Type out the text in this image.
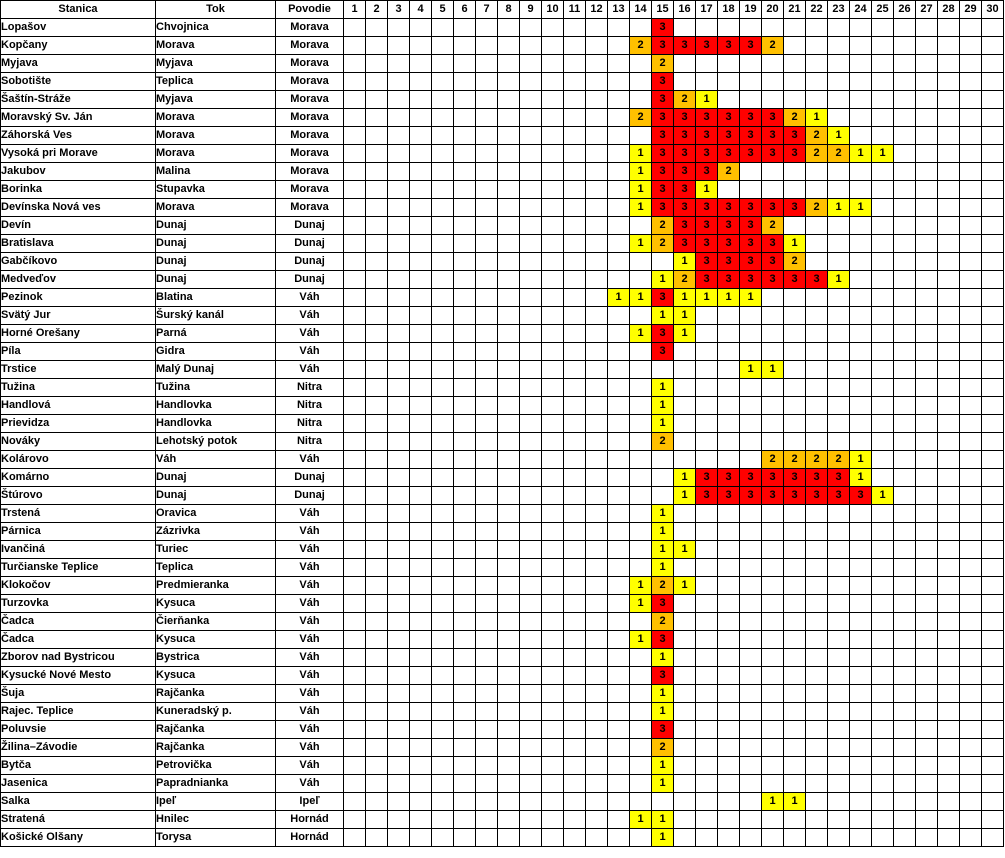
Stanica	Tok	Povodie	1	2	3	4	5	6	7	8	9	10	11	12	13	14	15	16	17	18	19	20	21	22	23	24	25	26	27	28	29	30
Lopašov	Chvojnica	Morava															3															
Kopčany	Morava	Morava														2	3	3	3	3	3	2										
Myjava	Myjava	Morava															2															
Sobotište	Teplica	Morava															3															
Šaštín-Stráže	Myjava	Morava															3	2	1													
Moravský Sv. Ján	Morava	Morava														2	3	3	3	3	3	3	2	1								
Záhorská Ves	Morava	Morava															3	3	3	3	3	3	3	2	1							
Vysoká pri Morave	Morava	Morava														1	3	3	3	3	3	3	3	2	2	1	1					
Jakubov	Malina	Morava														1	3	3	3	2												
Borinka	Stupavka	Morava														1	3	3	1													
Devínska Nová ves	Morava	Morava														1	3	3	3	3	3	3	3	2	1	1						
Devín	Dunaj	Dunaj															2	3	3	3	3	2										
Bratislava	Dunaj	Dunaj														1	2	3	3	3	3	3	1									
Gabčíkovo	Dunaj	Dunaj																1	3	3	3	3	2									
Medveďov	Dunaj	Dunaj															1	2	3	3	3	3	3	3	1							
Pezinok	Blatina	Váh													1	1	3	1	1	1	1											
Svätý Jur	Šurský kanál	Váh															1	1														
Horné Orešany	Parná	Váh														1	3	1														
Píla	Gidra	Váh															3															
Trstice	Malý Dunaj	Váh																			1	1										
Tužina	Tužina	Nitra															1															
Handlová	Handlovka	Nitra															1															
Prievidza	Handlovka	Nitra															1															
Nováky	Lehotský potok	Nitra															2															
Kolárovo	Váh	Váh																				2	2	2	2	1						
Komárno	Dunaj	Dunaj																1	3	3	3	3	3	3	3	1						
Štúrovo	Dunaj	Dunaj																1	3	3	3	3	3	3	3	3	1					
Trstená	Oravica	Váh															1															
Párnica	Zázrivka	Váh															1															
Ivančiná	Turiec	Váh															1	1														
Turčianske Teplice	Teplica	Váh															1															
Klokočov	Predmieranka	Váh														1	2	1														
Turzovka	Kysuca	Váh														1	3															
Čadca	Čierňanka	Váh															2															
Čadca	Kysuca	Váh														1	3															
Zborov nad Bystricou	Bystrica	Váh															1															
Kysucké Nové Mesto	Kysuca	Váh															3															
Šuja	Rajčanka	Váh															1															
Rajec. Teplice	Kuneradský p.	Váh															1															
Poluvsie	Rajčanka	Váh															3															
Žilina–Závodie	Rajčanka	Váh															2															
Bytča	Petrovička	Váh															1															
Jasenica	Papradnianka	Váh															1															
Salka	Ipeľ	Ipeľ																				1	1									
Stratená	Hnilec	Hornád														1	1															
Košické Olšany	Torysa	Hornád															1															
